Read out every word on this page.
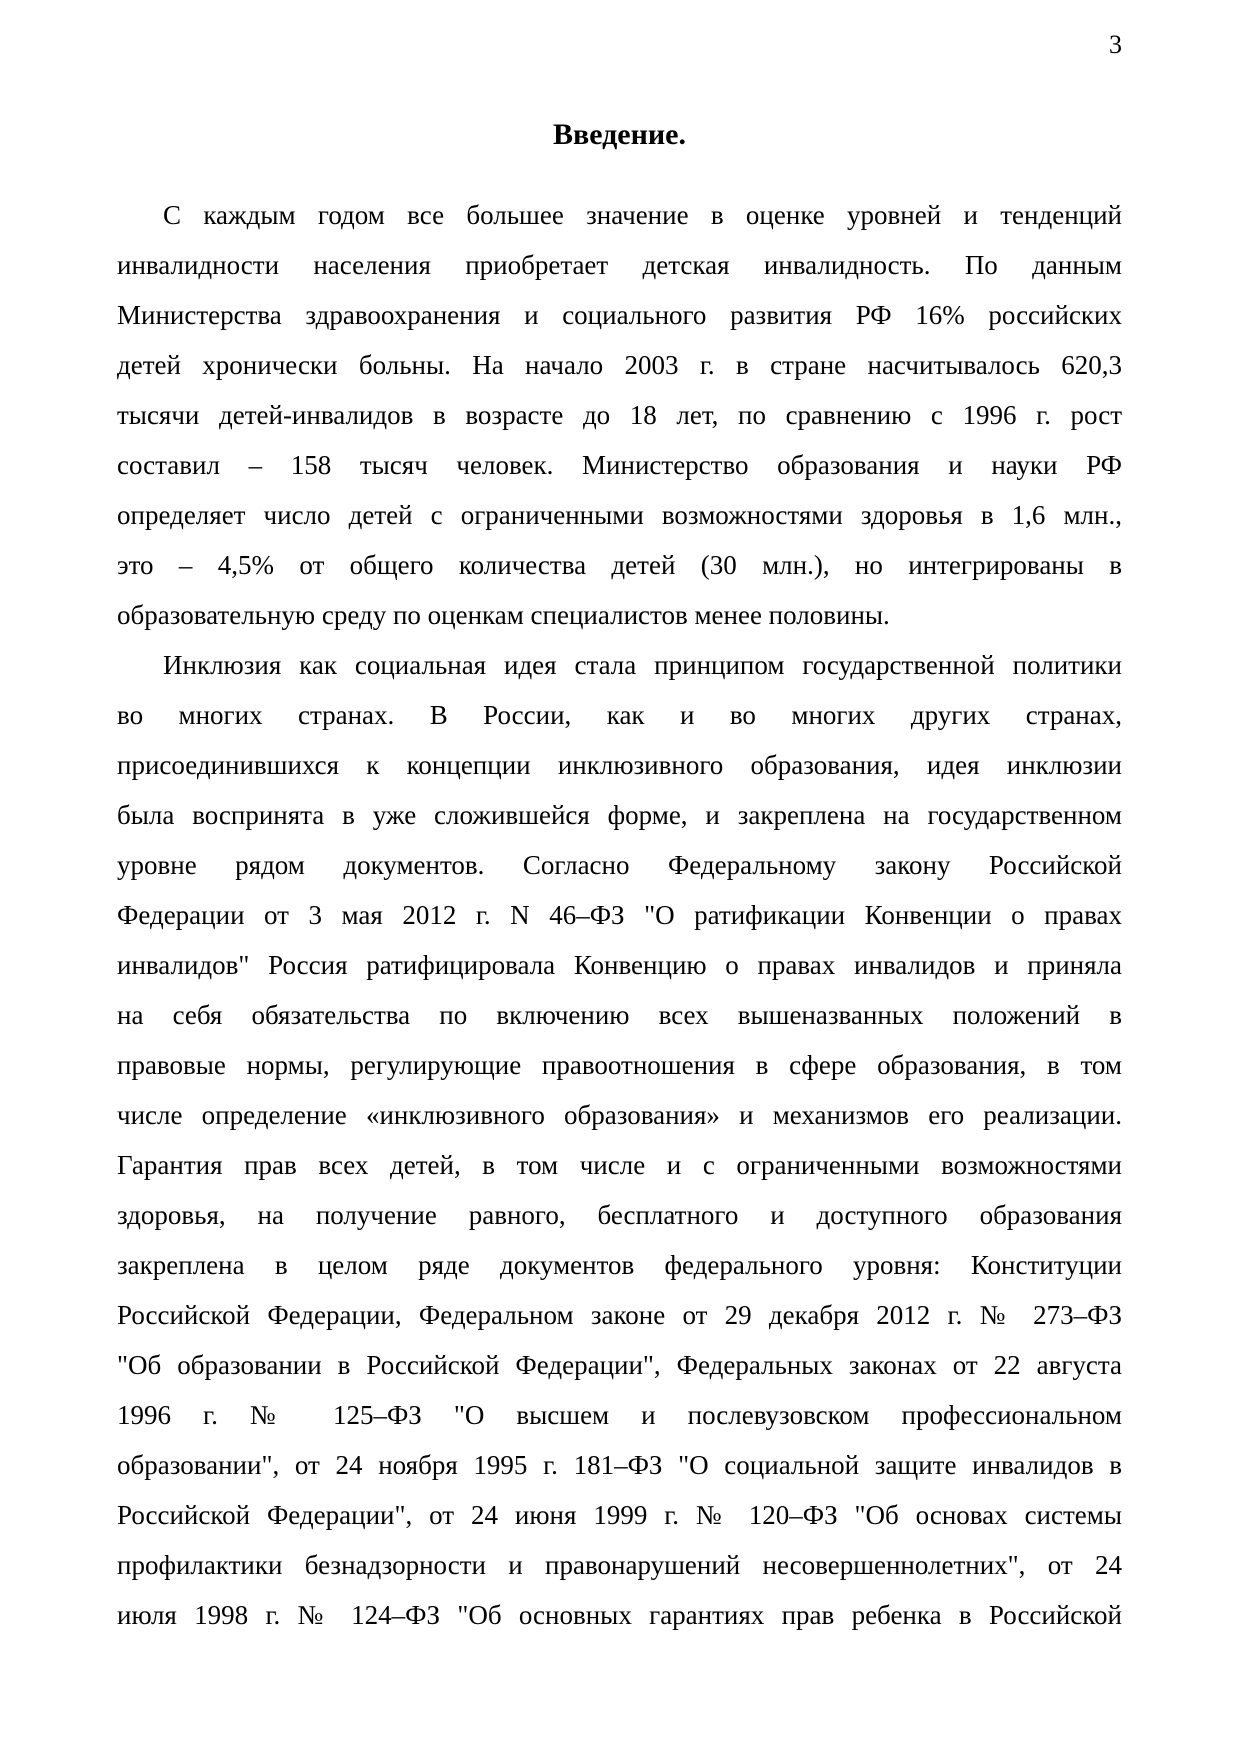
3
Введение.
С каждым годом все большее значение в оценке уровней и тенденций
инвалидности населения приобретает детская инвалидность. По данным
Министерства здравоохранения и социального развития РФ 16% российских
детей хронически больны. На начало 2003 г. в стране насчитывалось 620,3
тысячи детей-инвалидов в возрасте до 18 лет, по сравнению с 1996 г. рост
составил – 158 тысяч человек. Министерство образования и науки РФ
определяет число детей с ограниченными возможностями здоровья в 1,6 млн.,
это – 4,5% от общего количества детей (30 млн.), но интегрированы в
образовательную среду по оценкам специалистов менее половины.
Инклюзия как социальная идея стала принципом государственной политики
во многих странах. В России, как и во многих других странах,
присоединившихся к концепции инклюзивного образования, идея инклюзии
была воспринята в уже сложившейся форме, и закреплена на государственном
уровне рядом документов. Согласно Федеральному закону Российской
Федерации от 3 мая 2012 г. N 46–ФЗ "О ратификации Конвенции о правах
инвалидов" Россия ратифицировала Конвенцию о правах инвалидов и приняла
на себя обязательства по включению всех вышеназванных положений в
правовые нормы, регулирующие правоотношения в сфере образования, в том
числе определение «инклюзивного образования» и механизмов его реализации.
Гарантия прав всех детей, в том числе и с ограниченными возможностями
здоровья, на получение равного, бесплатного и доступного образования
закреплена в целом ряде документов федерального уровня: Конституции
Российской Федерации, Федеральном законе от 29 декабря 2012 г. № 273–ФЗ
"Об образовании в Российской Федерации", Федеральных законах от 22 августа
1996 г. № 125–ФЗ "О высшем и послевузовском профессиональном
образовании", от 24 ноября 1995 г. 181–ФЗ "О социальной защите инвалидов в
Российской Федерации", от 24 июня 1999 г. № 120–ФЗ "Об основах системы
профилактики безнадзорности и правонарушений несовершеннолетних", от 24
июля 1998 г. № 124–ФЗ "Об основных гарантиях прав ребенка в Российской
